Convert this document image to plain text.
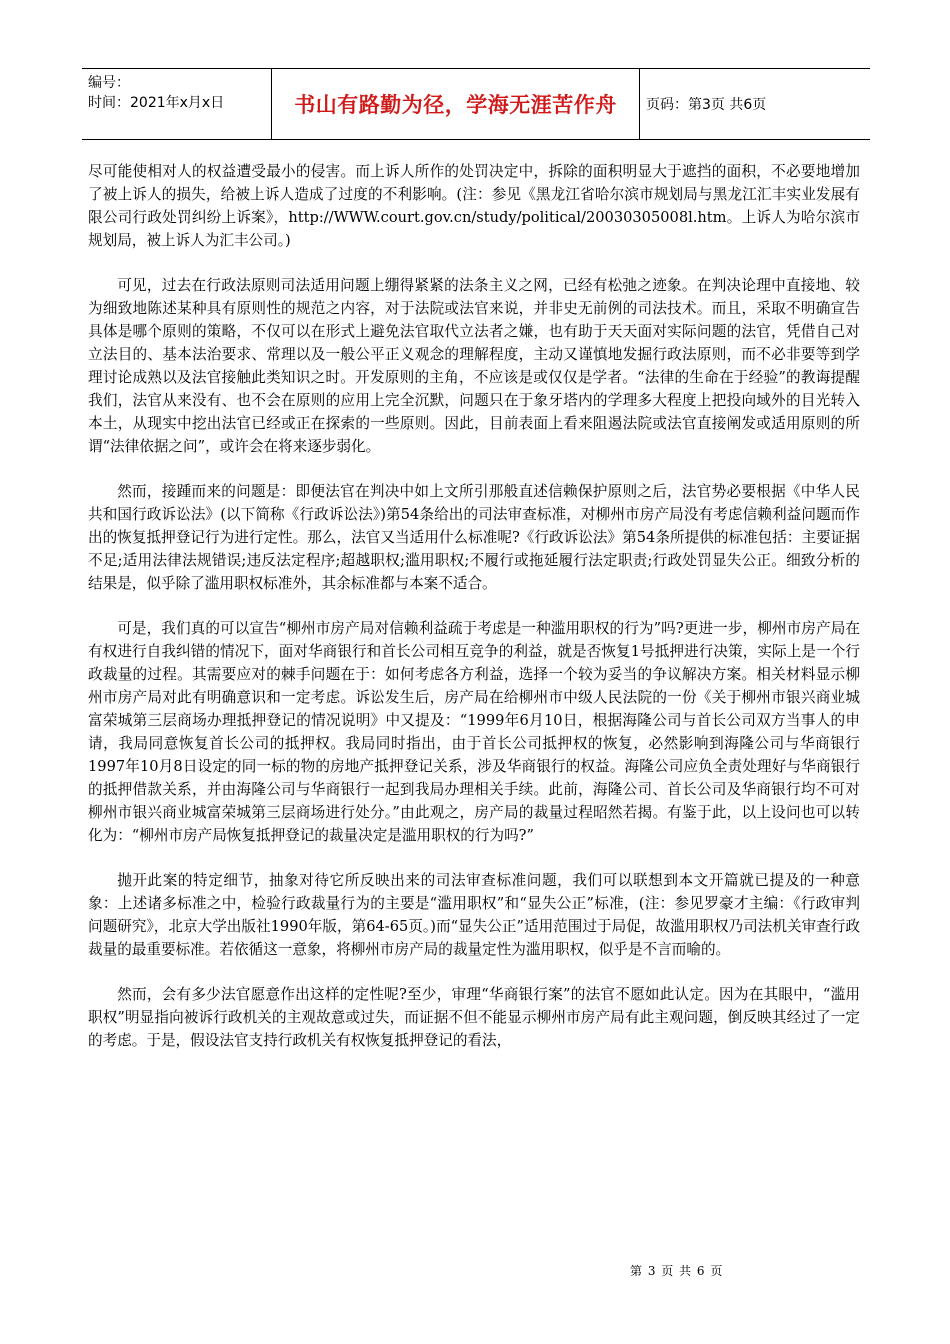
编号：
时间：2021年x月x日	书山有路勤为径，学海无涯苦作舟	页码：第3页 共6页

尽可能使相对人的权益遭受最小的侵害。而上诉人所作的处罚决定中，拆除的面积明显大于遮挡的面积，不必要地增加了被上诉人的损失，给被上诉人造成了过度的不利影响。(注：参见《黑龙江省哈尔滨市规划局与黑龙江汇丰实业发展有限公司行政处罚纠纷上诉案》，http://WWW.court.gov.cn/study/political/20030305008l.htm。上诉人为哈尔滨市规划局，被上诉人为汇丰公司。)

可见，过去在行政法原则司法适用问题上绷得紧紧的法条主义之网，已经有松弛之迹象。在判决论理中直接地、较为细致地陈述某种具有原则性的规范之内容，对于法院或法官来说，并非史无前例的司法技术。而且，采取不明确宣告具体是哪个原则的策略，不仅可以在形式上避免法官取代立法者之嫌，也有助于天天面对实际问题的法官，凭借自己对立法目的、基本法治要求、常理以及一般公平正义观念的理解程度，主动又谨慎地发掘行政法原则，而不必非要等到学理讨论成熟以及法官接触此类知识之时。开发原则的主角，不应该是或仅仅是学者。“法律的生命在于经验”的教诲提醒我们，法官从来没有、也不会在原则的应用上完全沉默，问题只在于象牙塔内的学理多大程度上把投向域外的目光转入本土，从现实中挖出法官已经或正在探索的一些原则。因此，目前表面上看来阻遏法院或法官直接阐发或适用原则的所谓“法律依据之问”，或许会在将来逐步弱化。

然而，接踵而来的问题是：即便法官在判决中如上文所引那般直述信赖保护原则之后，法官势必要根据《中华人民共和国行政诉讼法》(以下简称《行政诉讼法》)第54条给出的司法审查标准，对柳州市房产局没有考虑信赖利益问题而作出的恢复抵押登记行为进行定性。那么，法官又当适用什么标准呢?《行政诉讼法》第54条所提供的标准包括：主要证据不足;适用法律法规错误;违反法定程序;超越职权;滥用职权;不履行或拖延履行法定职责;行政处罚显失公正。细致分析的结果是，似乎除了滥用职权标准外，其余标准都与本案不适合。

可是，我们真的可以宣告“柳州市房产局对信赖利益疏于考虑是一种滥用职权的行为”吗?更进一步，柳州市房产局在有权进行自我纠错的情况下，面对华商银行和首长公司相互竞争的利益，就是否恢复1号抵押进行决策，实际上是一个行政裁量的过程。其需要应对的棘手问题在于：如何考虑各方利益，选择一个较为妥当的争议解决方案。相关材料显示柳州市房产局对此有明确意识和一定考虑。诉讼发生后，房产局在给柳州市中级人民法院的一份《关于柳州市银兴商业城富荣城第三层商场办理抵押登记的情况说明》中又提及：“1999年6月10日，根据海隆公司与首长公司双方当事人的申请，我局同意恢复首长公司的抵押权。我局同时指出，由于首长公司抵押权的恢复，必然影响到海隆公司与华商银行1997年10月8日设定的同一标的物的房地产抵押登记关系，涉及华商银行的权益。海隆公司应负全责处理好与华商银行的抵押借款关系，并由海隆公司与华商银行一起到我局办理相关手续。此前，海隆公司、首长公司及华商银行均不可对柳州市银兴商业城富荣城第三层商场进行处分。”由此观之，房产局的裁量过程昭然若揭。有鉴于此，以上设问也可以转化为：“柳州市房产局恢复抵押登记的裁量决定是滥用职权的行为吗?”

抛开此案的特定细节，抽象对待它所反映出来的司法审查标准问题，我们可以联想到本文开篇就已提及的一种意象：上述诸多标准之中，检验行政裁量行为的主要是“滥用职权”和“显失公正”标准，(注：参见罗豪才主编：《行政审判问题研究》，北京大学出版社1990年版，第64-65页。)而“显失公正”适用范围过于局促，故滥用职权乃司法机关审查行政裁量的最重要标准。若依循这一意象，将柳州市房产局的裁量定性为滥用职权，似乎是不言而喻的。

然而，会有多少法官愿意作出这样的定性呢?至少，审理“华商银行案”的法官不愿如此认定。因为在其眼中，“滥用职权”明显指向被诉行政机关的主观故意或过失，而证据不但不能显示柳州市房产局有此主观问题，倒反映其经过了一定的考虑。于是，假设法官支持行政机关有权恢复抵押登记的看法，

第 3 页 共 6 页
